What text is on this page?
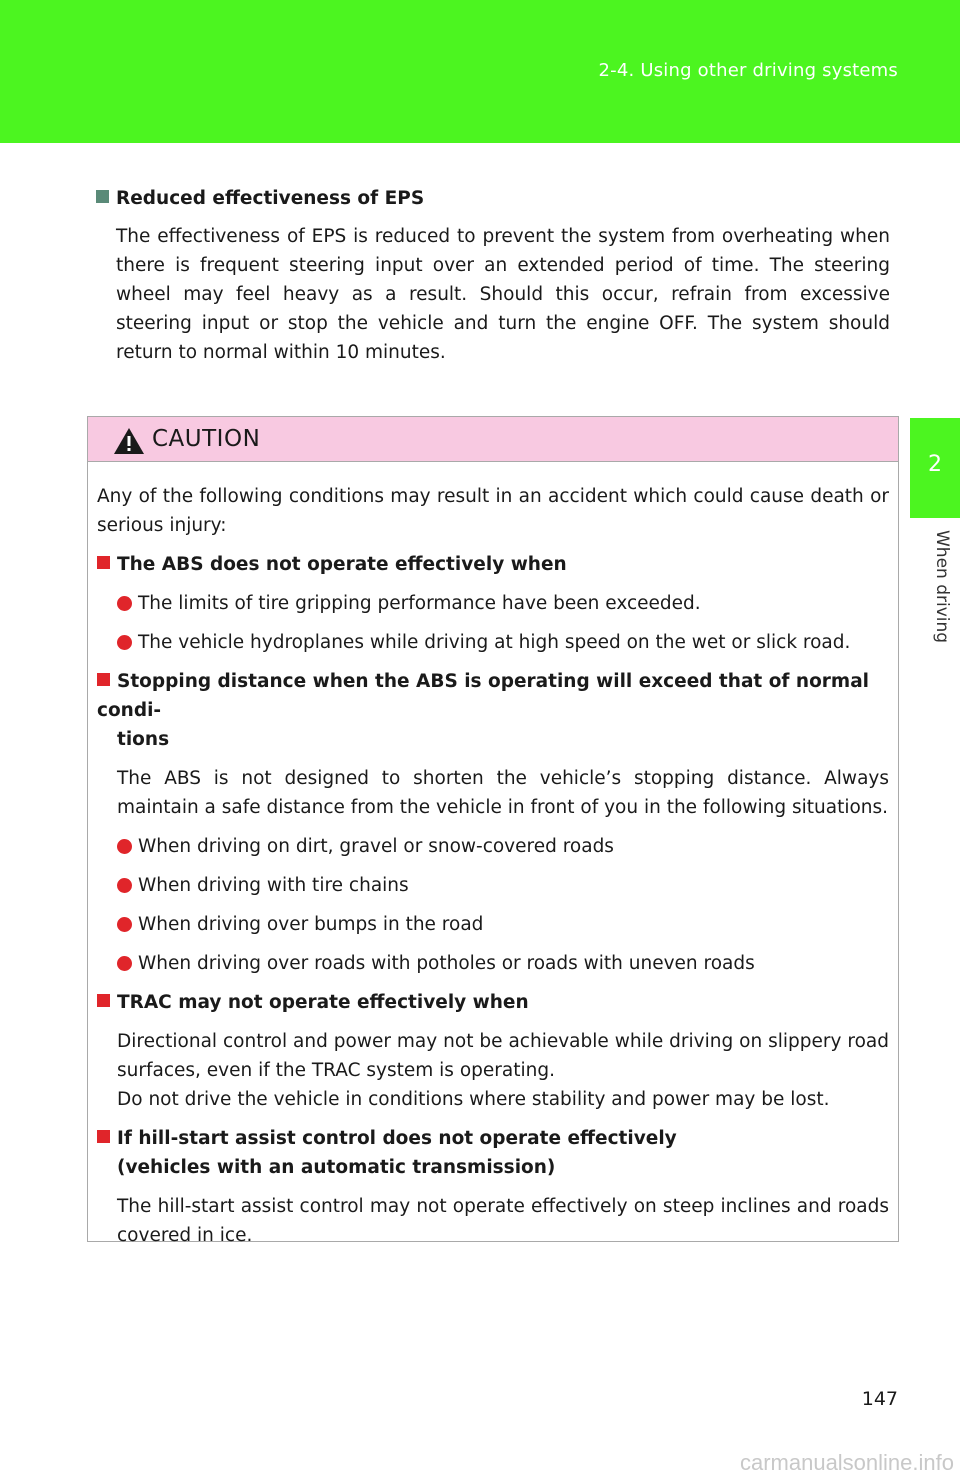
2-4. Using other driving systems
2
When driving

Reduced effectiveness of EPS

The effectiveness of EPS is reduced to prevent the system from overheating when there is frequent steering input over an extended period of time. The steering wheel may feel heavy as a result. Should this occur, refrain from excessive steering input or stop the vehicle and turn the engine OFF. The system should return to normal within 10 minutes.

CAUTION

Any of the following conditions may result in an accident which could cause death or serious injury:

The ABS does not operate effectively when

The limits of tire gripping performance have been exceeded.
The vehicle hydroplanes while driving at high speed on the wet or slick road.

Stopping distance when the ABS is operating will exceed that of normal condi-
tions

The ABS is not designed to shorten the vehicle’s stopping distance. Always maintain a safe distance from the vehicle in front of you in the following situations.

When driving on dirt, gravel or snow-covered roads
When driving with tire chains
When driving over bumps in the road
When driving over roads with potholes or roads with uneven roads

TRAC may not operate effectively when

Directional control and power may not be achievable while driving on slippery road surfaces, even if the TRAC system is operating.

Do not drive the vehicle in conditions where stability and power may be lost.

If hill-start assist control does not operate effectively
(vehicles with an automatic transmission)

The hill-start assist control may not operate effectively on steep inclines and roads covered in ice.

147
carmanualsonline.info
